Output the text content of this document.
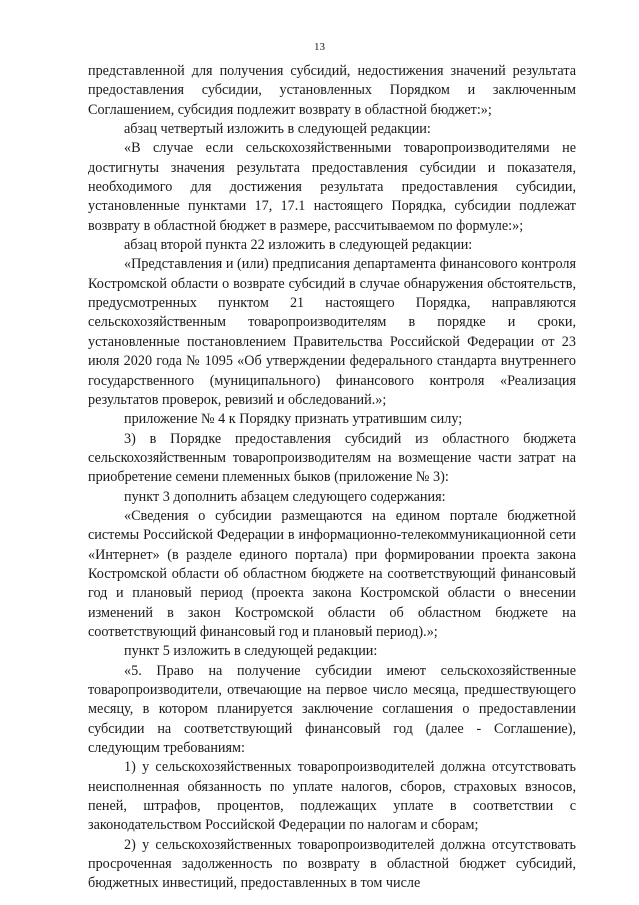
13

представленной для получения субсидий, недостижения значений результата предоставления субсидии, установленных Порядком и заключенным Соглашением, субсидия подлежит возврату в областной бюджет:»;

абзац четвертый изложить в следующей редакции:

«В случае если сельскохозяйственными товаропроизводителями не достигнуты значения результата предоставления субсидии и показателя, необходимого для достижения результата предоставления субсидии, установленные пунктами 17, 17.1 настоящего Порядка, субсидии подлежат возврату в областной бюджет в размере, рассчитываемом по формуле:»;

абзац второй пункта 22 изложить в следующей редакции:

«Представления и (или) предписания департамента финансового контроля Костромской области о возврате субсидий в случае обнаружения обстоятельств, предусмотренных пунктом 21 настоящего Порядка, направляются сельскохозяйственным товаропроизводителям в порядке и сроки, установленные постановлением Правительства Российской Федерации от 23 июля 2020 года № 1095 «Об утверждении федерального стандарта внутреннего государственного (муниципального) финансового контроля «Реализация результатов проверок, ревизий и обследований.»;

приложение № 4 к Порядку признать утратившим силу;

3) в Порядке предоставления субсидий из областного бюджета сельскохозяйственным товаропроизводителям на возмещение части затрат на приобретение семени племенных быков (приложение № 3):

пункт 3 дополнить абзацем следующего содержания:

«Сведения о субсидии размещаются на едином портале бюджетной системы Российской Федерации в информационно-телекоммуникационной сети «Интернет» (в разделе единого портала) при формировании проекта закона Костромской области об областном бюджете на соответствующий финансовый год и плановый период (проекта закона Костромской области о внесении изменений в закон Костромской области об областном бюджете на соответствующий финансовый год и плановый период).»;

пункт 5 изложить в следующей редакции:

«5. Право на получение субсидии имеют сельскохозяйственные товаропроизводители, отвечающие на первое число месяца, предшествующего месяцу, в котором планируется заключение соглашения о предоставлении субсидии на соответствующий финансовый год (далее - Соглашение), следующим требованиям:

1) у сельскохозяйственных товаропроизводителей должна отсутствовать неисполненная обязанность по уплате налогов, сборов, страховых взносов, пеней, штрафов, процентов, подлежащих уплате в соответствии с законодательством Российской Федерации по налогам и сборам;

2) у сельскохозяйственных товаропроизводителей должна отсутствовать просроченная задолженность по возврату в областной бюджет субсидий, бюджетных инвестиций, предоставленных в том числе
